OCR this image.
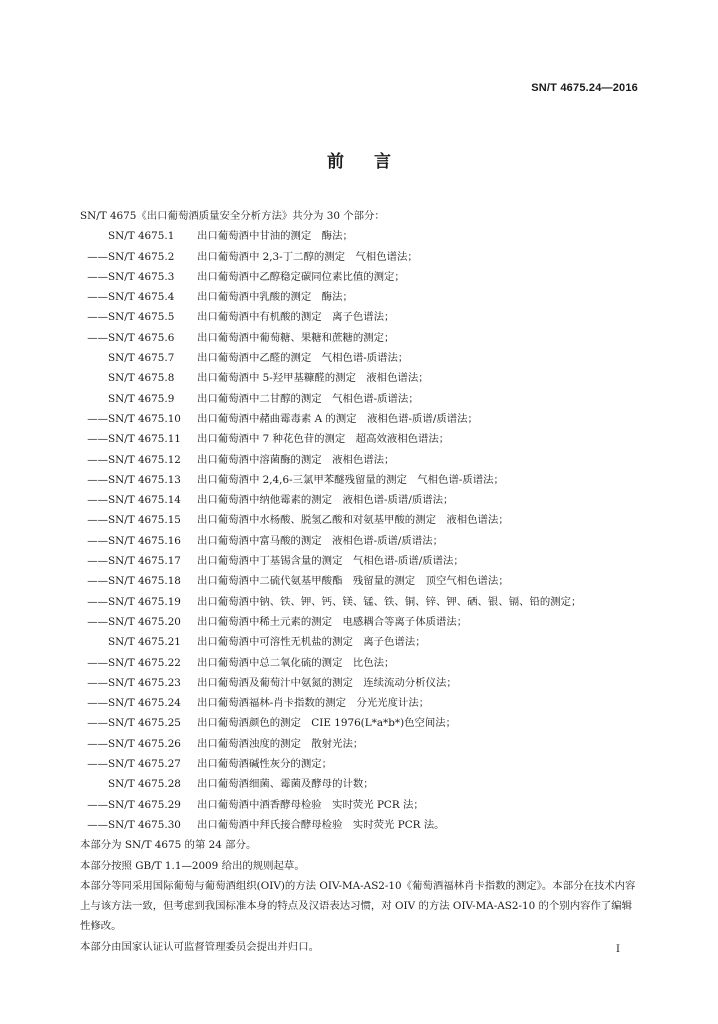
SN/T 4675.24—2016
前言
SN/T 4675《出口葡萄酒质量安全分析方法》共分为 30 个部分：
SN/T 4675.1	出口葡萄酒中甘油的测定　酶法；
—— SN/T 4675.2	出口葡萄酒中 2,3-丁二醇的测定　气相色谱法；
—— SN/T 4675.3	出口葡萄酒中乙醇稳定碳同位素比值的测定；
—— SN/T 4675.4	出口葡萄酒中乳酸的测定　酶法；
—— SN/T 4675.5	出口葡萄酒中有机酸的测定　离子色谱法；
—— SN/T 4675.6	出口葡萄酒中葡萄糖、果糖和蔗糖的测定；
SN/T 4675.7	出口葡萄酒中乙醛的测定　气相色谱-质谱法；
SN/T 4675.8	出口葡萄酒中 5-羟甲基糠醛的测定　液相色谱法；
SN/T 4675.9	出口葡萄酒中二甘醇的测定　气相色谱-质谱法；
—— SN/T 4675.10	出口葡萄酒中赭曲霉毒素 A 的测定　液相色谱-质谱/质谱法；
—— SN/T 4675.11	出口葡萄酒中 7 种花色苷的测定　超高效液相色谱法；
—— SN/T 4675.12	出口葡萄酒中溶菌酶的测定　液相色谱法；
—— SN/T 4675.13	出口葡萄酒中 2,4,6-三氯甲苯醚残留量的测定　气相色谱-质谱法；
—— SN/T 4675.14	出口葡萄酒中纳他霉素的测定　液相色谱-质谱/质谱法；
—— SN/T 4675.15	出口葡萄酒中水杨酸、脱氢乙酸和对氨基甲酸的测定　液相色谱法；
—— SN/T 4675.16	出口葡萄酒中富马酸的测定　液相色谱-质谱/质谱法；
—— SN/T 4675.17	出口葡萄酒中丁基锡含量的测定　气相色谱-质谱/质谱法；
—— SN/T 4675.18	出口葡萄酒中二硫代氨基甲酸酯　残留量的测定　顶空气相色谱法；
—— SN/T 4675.19	出口葡萄酒中钠、铁、钾、钙、镁、锰、铁、铜、锌、钾、硒、银、镉、铅的测定；
—— SN/T 4675.20	出口葡萄酒中稀土元素的测定　电感耦合等离子体质谱法；
SN/T 4675.21	出口葡萄酒中可溶性无机盐的测定　离子色谱法；
—— SN/T 4675.22	出口葡萄酒中总二氧化硫的测定　比色法；
—— SN/T 4675.23	出口葡萄酒及葡萄汁中氨氮的测定　连续流动分析仪法；
—— SN/T 4675.24	出口葡萄酒福林-肖卡指数的测定　分光光度计法；
—— SN/T 4675.25	出口葡萄酒颜色的测定　CIE 1976(L*a*b*)色空间法；
—— SN/T 4675.26	出口葡萄酒浊度的测定　散射光法；
—— SN/T 4675.27	出口葡萄酒碱性灰分的测定；
SN/T 4675.28	出口葡萄酒细菌、霉菌及酵母的计数；
—— SN/T 4675.29	出口葡萄酒中酒香酵母检验　实时荧光 PCR 法；
—— SN/T 4675.30	出口葡萄酒中拜氏接合酵母检验　实时荧光 PCR 法。
本部分为 SN/T 4675 的第 24 部分。
本部分按照 GB/T 1.1—2009 给出的规则起草。
本部分等同采用国际葡萄与葡萄酒组织(OIV)的方法 OIV-MA-AS2-10《葡萄酒福林肖卡指数的测定》。本部分在技术内容上与该方法一致，但考虑到我国标准本身的特点及汉语表达习惯，对 OIV 的方法 OIV-MA-AS2-10 的个别内容作了编辑性修改。
本部分由国家认证认可监督管理委员会提出并归口。	I
